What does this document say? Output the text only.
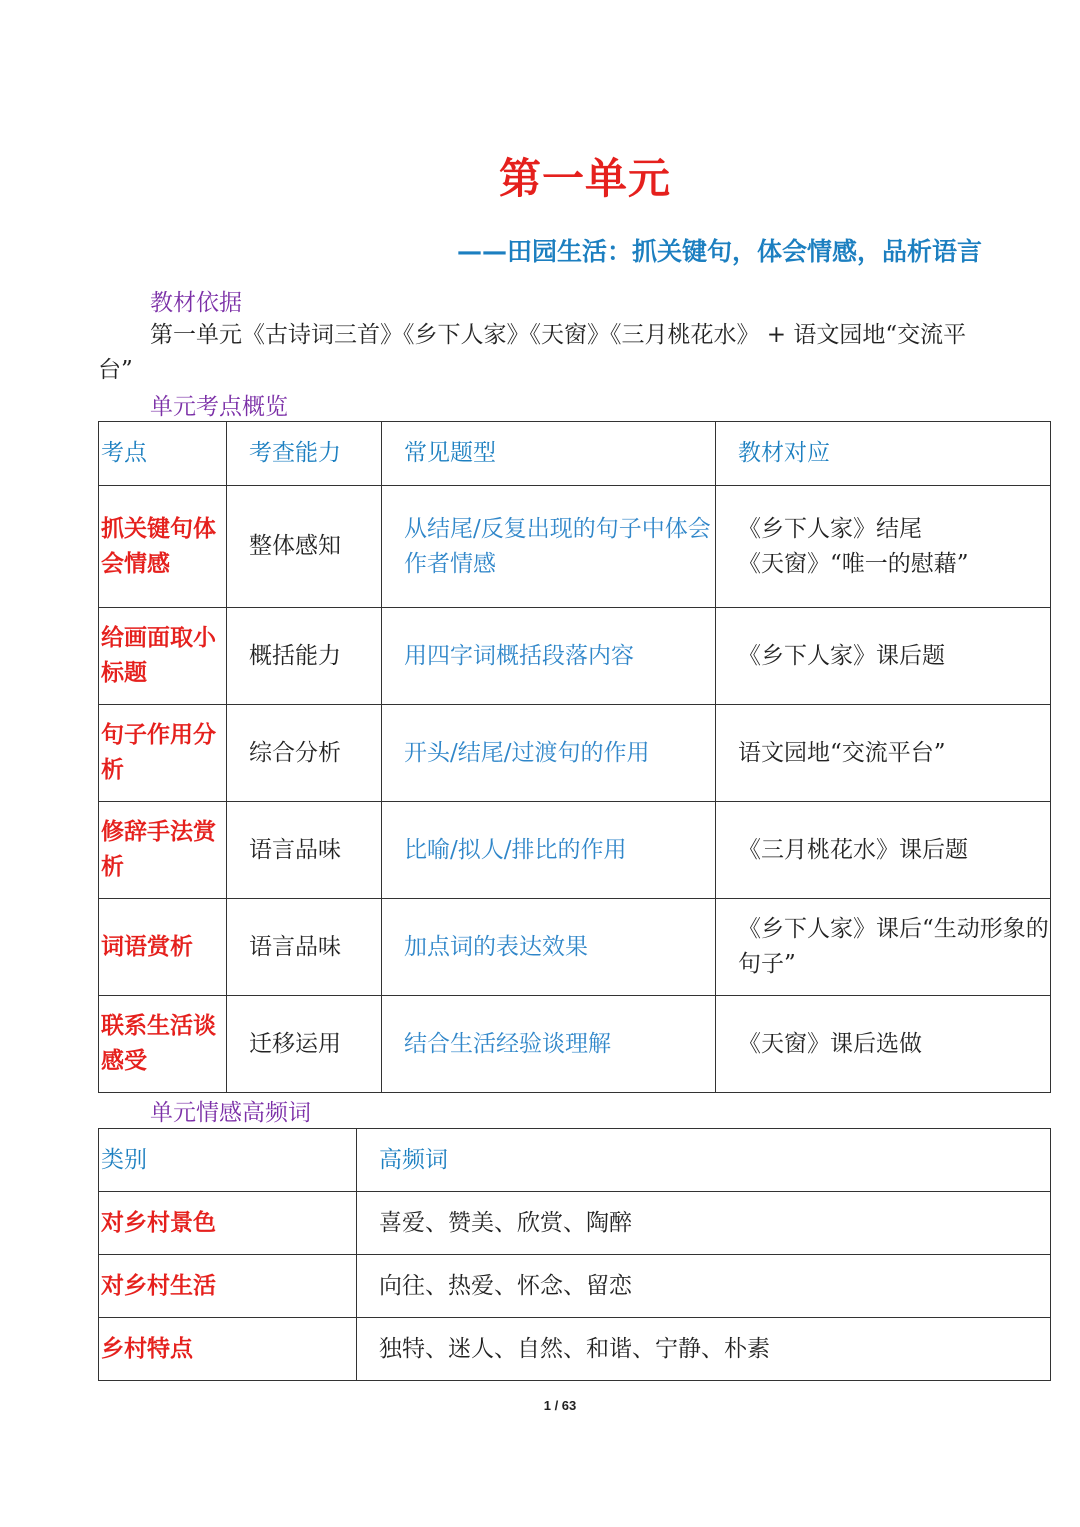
第一单元
——田园生活：抓关键句，体会情感，品析语言
教材依据
第一单元《古诗词三首》《乡下人家》《天窗》《三月桃花水》 + 语文园地“交流平台”
单元考点概览
考点	考查能力	常见题型	教材对应
抓关键句体会情感	整体感知	从结尾/反复出现的句子中体会作者情感	《乡下人家》结尾
《天窗》“唯一的慰藉”
给画面取小标题	概括能力	用四字词概括段落内容	《乡下人家》课后题
句子作用分析	综合分析	开头/结尾/过渡句的作用	语文园地“交流平台”
修辞手法赏析	语言品味	比喻/拟人/排比的作用	《三月桃花水》课后题
词语赏析	语言品味	加点词的表达效果	《乡下人家》课后“生动形象的句子”
联系生活谈感受	迁移运用	结合生活经验谈理解	《天窗》课后选做
单元情感高频词
类别	高频词
对乡村景色	喜爱、赞美、欣赏、陶醉
对乡村生活	向往、热爱、怀念、留恋
乡村特点	独特、迷人、自然、和谐、宁静、朴素
1 / 63
